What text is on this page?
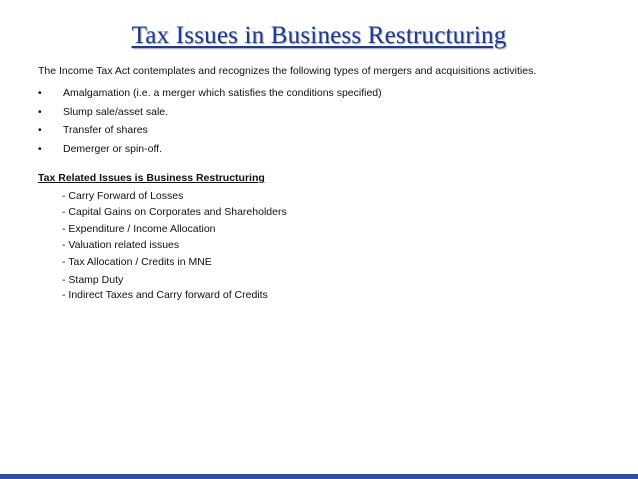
Tax Issues in Business Restructuring
The Income Tax Act contemplates and recognizes the following types of mergers and acquisitions activities.
•	Amalgamation (i.e. a merger which satisfies the conditions specified)
•	Slump sale/asset sale.
•	Transfer of shares
•	Demerger or spin-off.
Tax Related Issues is Business Restructuring
- Carry Forward of Losses
- Capital Gains on Corporates and Shareholders
- Expenditure / Income Allocation
- Valuation related issues
- Tax Allocation / Credits in MNE
- Stamp Duty
- Indirect Taxes and Carry forward of Credits
